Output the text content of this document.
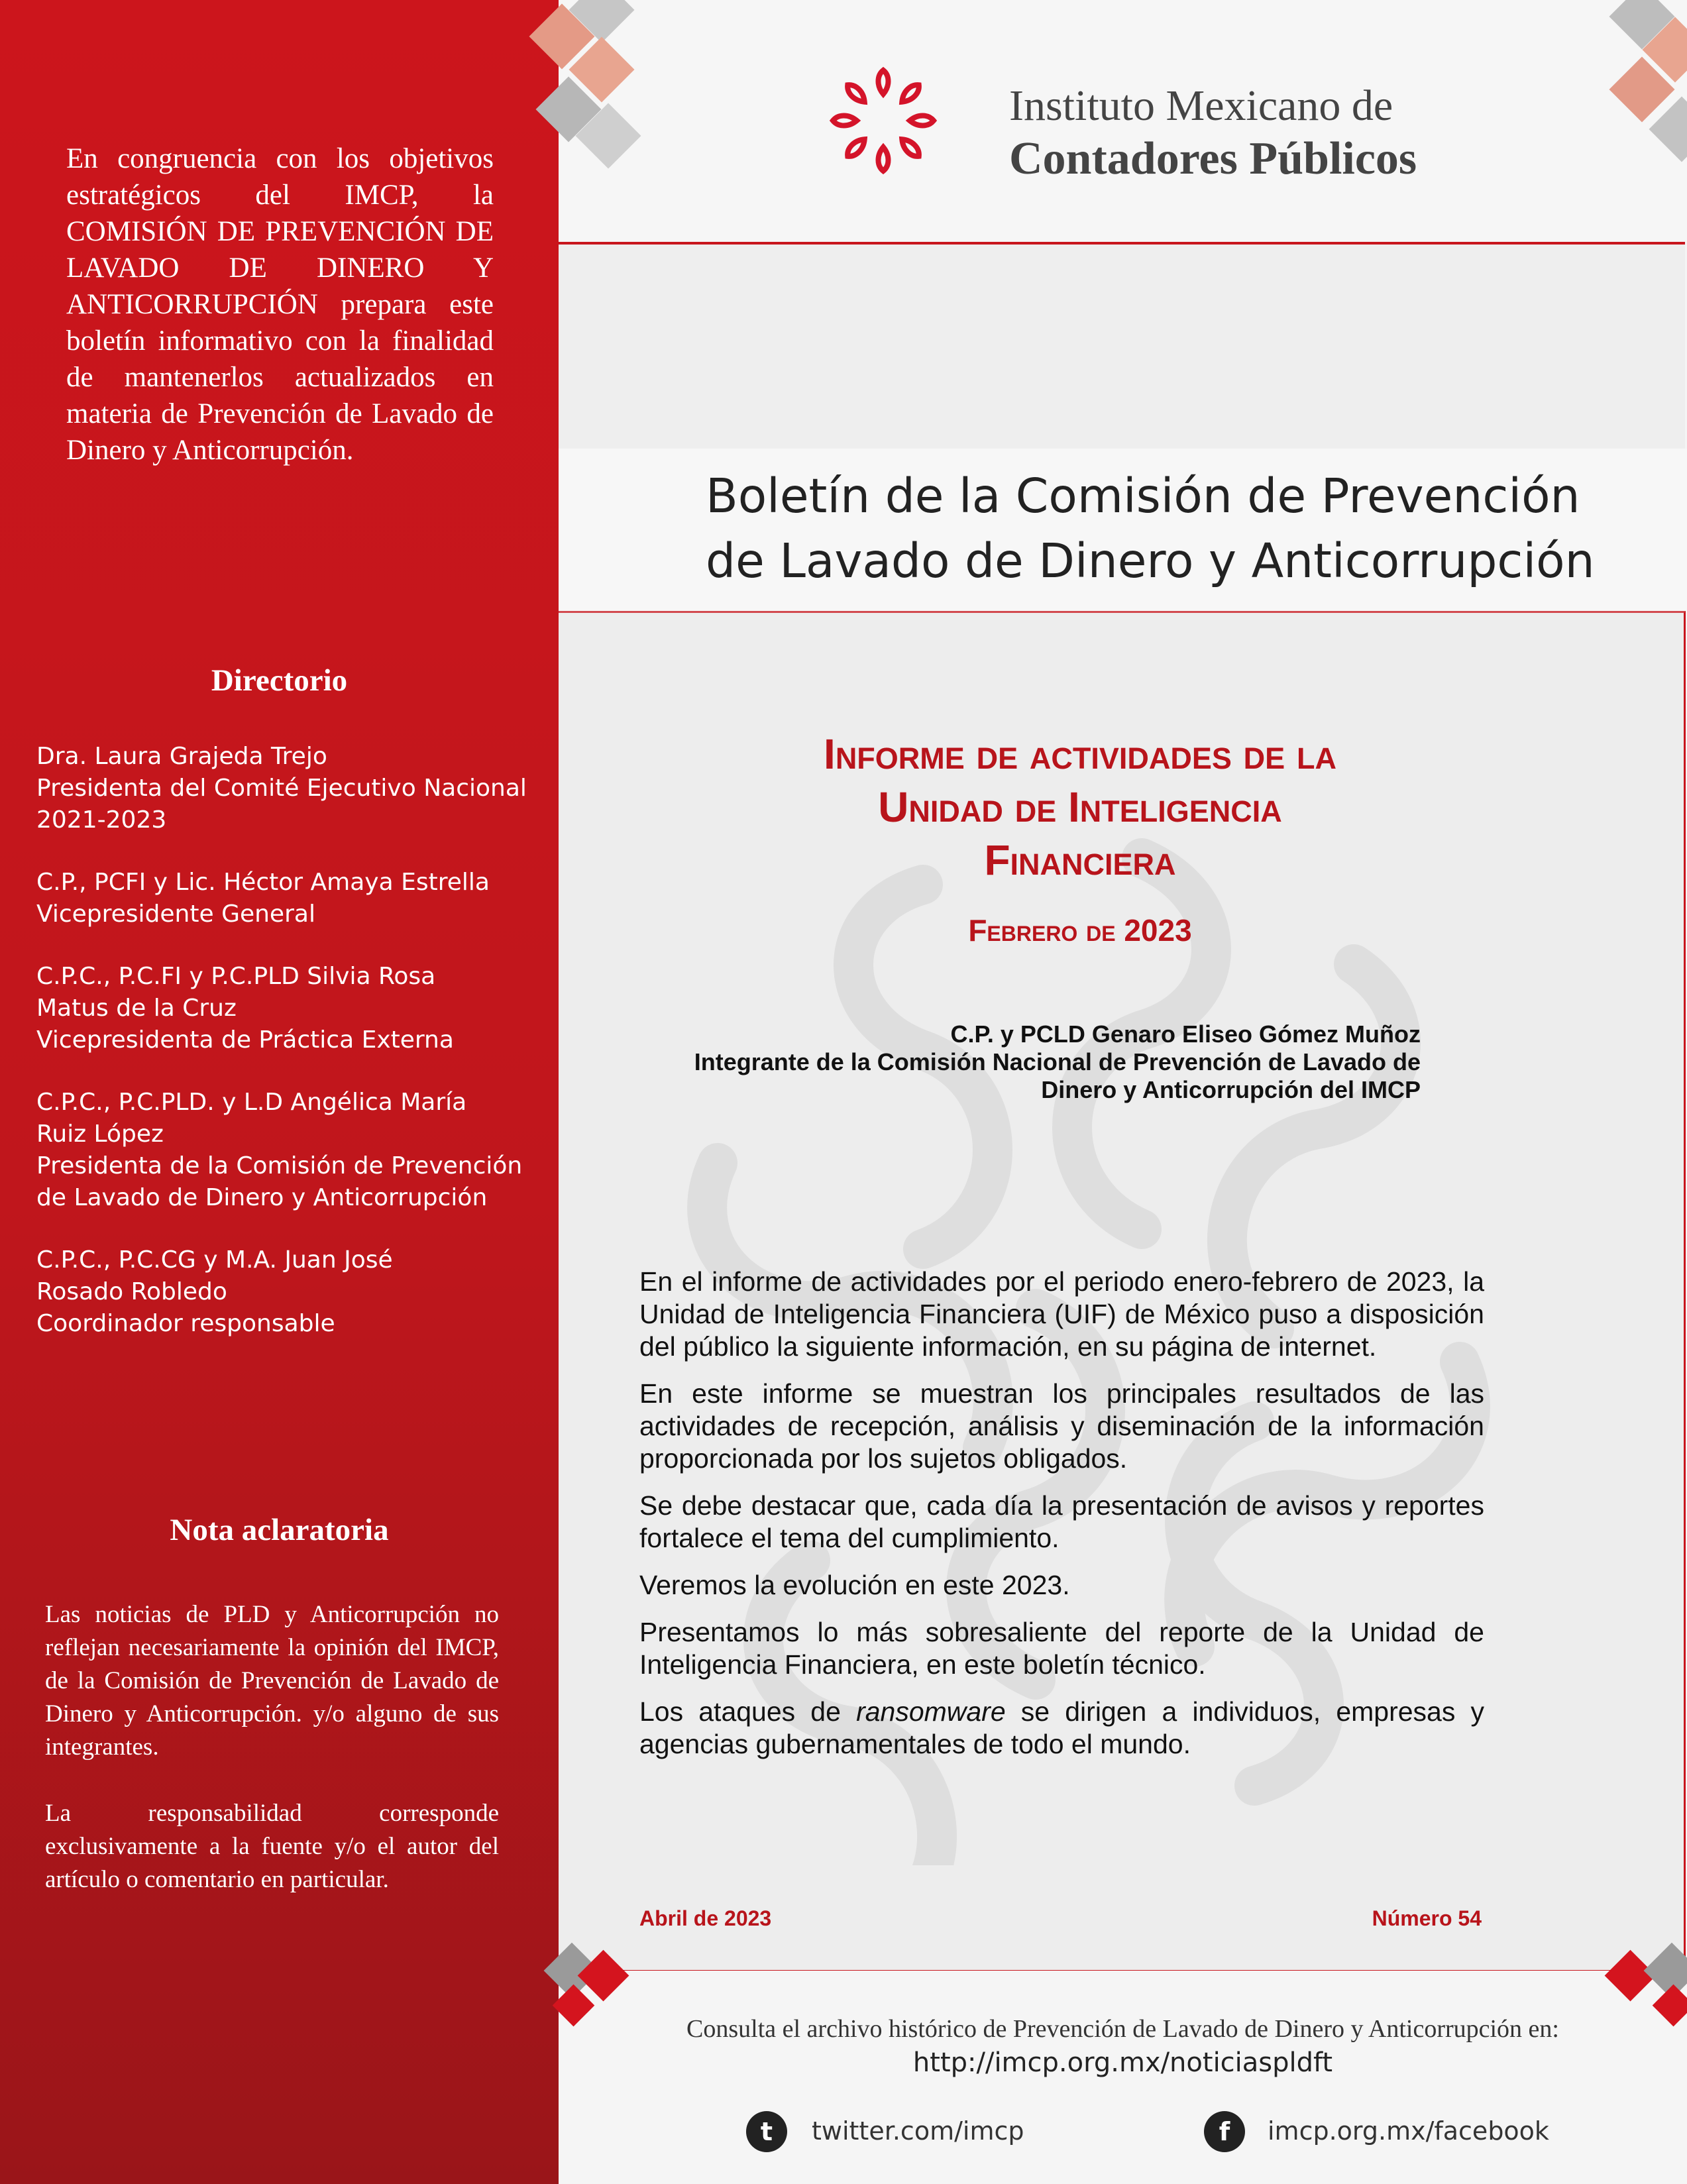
En congruencia con los objetivos estratégicos del IMCP, la COMISIÓN DE PREVENCIÓN DE LAVADO DE DINERO Y ANTICORRUPCIÓN prepara este boletín informativo con la finalidad de mantenerlos actualizados en materia de Prevención de Lavado de Dinero y Anticorrupción.
Directorio
Dra. Laura Grajeda Trejo
Presidenta del Comité Ejecutivo Nacional
2021-2023
C.P., PCFI y Lic. Héctor Amaya Estrella
Vicepresidente General
C.P.C., P.C.FI y P.C.PLD Silvia Rosa
Matus de la Cruz
Vicepresidenta de Práctica Externa
C.P.C., P.C.PLD. y L.D Angélica María
Ruiz López
Presidenta de la Comisión de Prevención
de Lavado de Dinero y Anticorrupción
C.P.C., P.C.CG y M.A. Juan José
Rosado Robledo
Coordinador responsable
Nota aclaratoria

Las noticias de PLD y Anticorrupción no reflejan necesariamente la opinión del IMCP, de la Comisión de Prevención de Lavado de Dinero y Anticorrupción. y/o alguno de sus integrantes.

La responsabilidad corresponde exclusivamente a la fuente y/o el autor del artículo o comentario en particular.

Instituto Mexicano de
Contadores Públicos
Boletín de la Comisión de Prevención
de Lavado de Dinero y Anticorrupción
Consulta el archivo histórico de Prevención de Lavado de Dinero y Anticorrupción en:
http://imcp.org.mx/noticiaspldft
t	twitter.com/imcp	f	imcp.org.mx/facebook
Informe de actividades de la
Unidad de Inteligencia
Financiera
Febrero de 2023
C.P. y PCLD Genaro Eliseo Gómez Muñoz
Integrante de la Comisión Nacional de Prevención de Lavado de
Dinero y Anticorrupción del IMCP

En el informe de actividades por el periodo enero-febrero de 2023, la Unidad de Inteligencia Financiera (UIF) de México puso a disposición del público la siguiente información, en su página de internet.

En este informe se muestran los principales resultados de las actividades de recepción, análisis y diseminación de la información proporcionada por los sujetos obligados.

Se debe destacar que, cada día la presentación de avisos y reportes fortalece el tema del cumplimiento.

Veremos la evolución en este 2023.

Presentamos lo más sobresaliente del reporte de la Unidad de Inteligencia Financiera, en este boletín técnico.

Los ataques de ransomware se dirigen a individuos, empresas y agencias gubernamentales de todo el mundo.

Abril de 2023	Número 54
